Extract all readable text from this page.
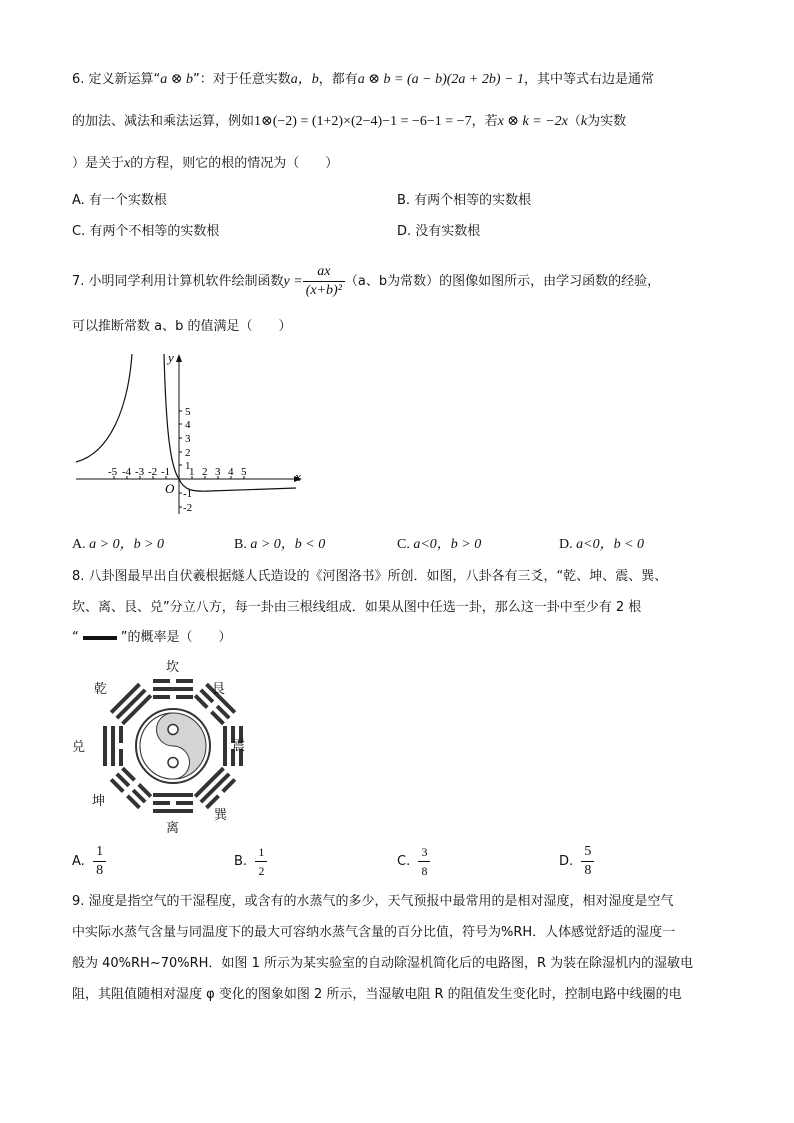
6. 定义新运算“a ⊗ b”：对于任意实数a，b，都有a ⊗ b = (a − b)(2a + 2b) − 1，其中等式右边是通常
的加法、减法和乘法运算，例如1⊗(−2) = (1+2)×(2−4)−1 = −6−1 = −7，若x ⊗ k = −2x（k为实数
）是关于x的方程，则它的根的情况为（　　）
A. 有一个实数根	B. 有两个相等的实数根
C. 有两个不相等的实数根	D. 没有实数根
7. 小明同学利用计算机软件绘制函数$y = \frac{ax}{\text{(x+b)²}} (a$、b为常数）的图像如图所示，由学习函数的经验，
可以推断常数 a、b 的值满足（　　）
x
y
O
-5 -4 -3 -2 -1 1 2 3 4 5
5
4
3
2
1
-1
-2
A. a > 0，b > 0	B. a > 0，b < 0	C. a<0，b > 0	D. a<0，b < 0
8. 八卦图最早出自伏羲根据燧人氏造设的《河图洛书》所创．如图，八卦各有三爻，“乾、坤、震、巽、
坎、离、艮、兑”分立八方，每一卦由三根线组成．如果从图中任选一卦，那么这一卦中至少有 2 根
“	”的概率是（　　）
坎
艮
乾
坤
巽
离
兑	震
A. $\frac{1}{8}$	B. $\frac{1}{2}$	C. $\frac{3}{8}$	D. $\frac{5}{8}$
9. 湿度是指空气的干湿程度，或含有的水蒸气的多少，天气预报中最常用的是相对湿度，相对湿度是空气
中实际水蒸气含量与同温度下的最大可容纳水蒸气含量的百分比值，符号为%RH．人体感觉舒适的湿度一
般为 40%RH~70%RH．如图 1 所示为某实验室的自动除湿机简化后的电路图，R 为装在除湿机内的湿敏电
阻，其阻值随相对湿度 φ 变化的图象如图 2 所示，当湿敏电阻 R 的阻值发生变化时，控制电路中线圈的电
